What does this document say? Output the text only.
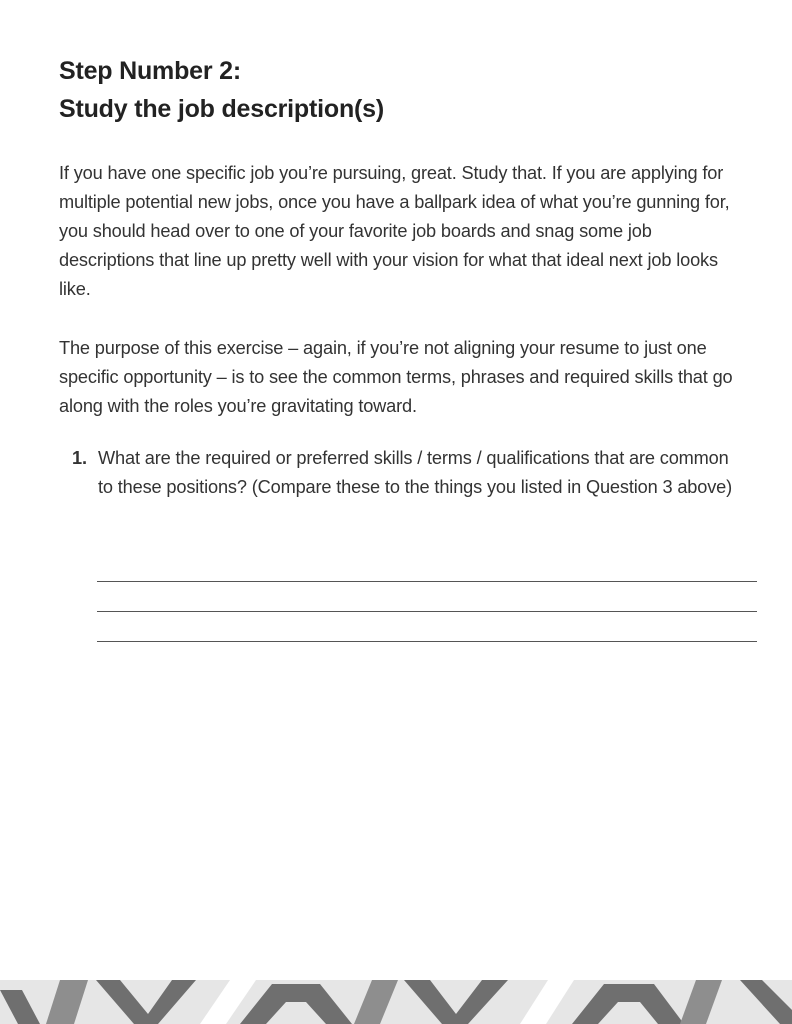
Step Number 2:
Study the job description(s)

If you have one specific job you’re pursuing, great. Study that. If you are applying for multiple potential new jobs, once you have a ballpark idea of what you’re gunning for, you should head over to one of your favorite job boards and snag some job descriptions that line up pretty well with your vision for what that ideal next job looks like.

The purpose of this exercise – again, if you’re not aligning your resume to just one specific opportunity – is to see the common terms, phrases and required skills that go along with the roles you’re gravitating toward.

1. What are the required or preferred skills / terms / qualifications that are common to these positions? (Compare these to the things you listed in Question 3 above)
